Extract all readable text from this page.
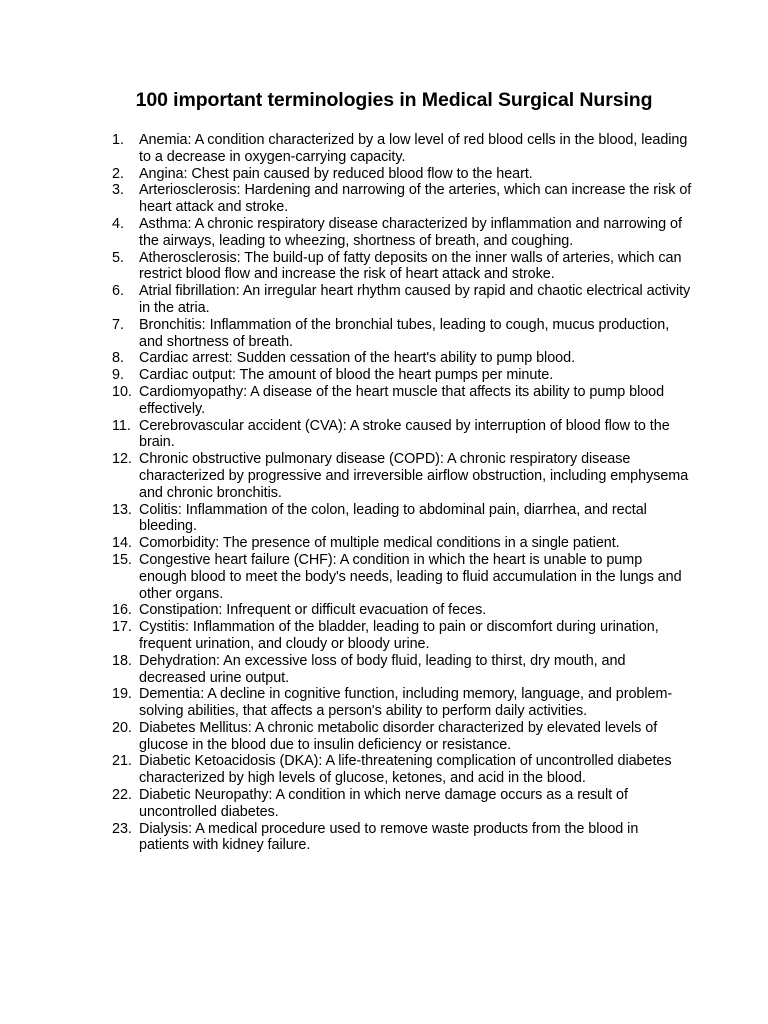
100 important terminologies in Medical Surgical Nursing
1.	Anemia: A condition characterized by a low level of red blood cells in the blood, leading to a decrease in oxygen-carrying capacity.
2.	Angina: Chest pain caused by reduced blood flow to the heart.
3.	Arteriosclerosis: Hardening and narrowing of the arteries, which can increase the risk of heart attack and stroke.
4.	Asthma: A chronic respiratory disease characterized by inflammation and narrowing of the airways, leading to wheezing, shortness of breath, and coughing.
5.	Atherosclerosis: The build-up of fatty deposits on the inner walls of arteries, which can restrict blood flow and increase the risk of heart attack and stroke.
6.	Atrial fibrillation: An irregular heart rhythm caused by rapid and chaotic electrical activity in the atria.
7.	Bronchitis: Inflammation of the bronchial tubes, leading to cough, mucus production, and shortness of breath.
8.	Cardiac arrest: Sudden cessation of the heart's ability to pump blood.
9.	Cardiac output: The amount of blood the heart pumps per minute.
10. Cardiomyopathy: A disease of the heart muscle that affects its ability to pump blood effectively.
11. Cerebrovascular accident (CVA): A stroke caused by interruption of blood flow to the brain.
12. Chronic obstructive pulmonary disease (COPD): A chronic respiratory disease characterized by progressive and irreversible airflow obstruction, including emphysema and chronic bronchitis.
13. Colitis: Inflammation of the colon, leading to abdominal pain, diarrhea, and rectal bleeding.
14. Comorbidity: The presence of multiple medical conditions in a single patient.
15. Congestive heart failure (CHF): A condition in which the heart is unable to pump enough blood to meet the body's needs, leading to fluid accumulation in the lungs and other organs.
16. Constipation: Infrequent or difficult evacuation of feces.
17. Cystitis: Inflammation of the bladder, leading to pain or discomfort during urination, frequent urination, and cloudy or bloody urine.
18. Dehydration: An excessive loss of body fluid, leading to thirst, dry mouth, and decreased urine output.
19. Dementia: A decline in cognitive function, including memory, language, and problem-solving abilities, that affects a person's ability to perform daily activities.
20. Diabetes Mellitus: A chronic metabolic disorder characterized by elevated levels of glucose in the blood due to insulin deficiency or resistance.
21. Diabetic Ketoacidosis (DKA): A life-threatening complication of uncontrolled diabetes characterized by high levels of glucose, ketones, and acid in the blood.
22. Diabetic Neuropathy: A condition in which nerve damage occurs as a result of uncontrolled diabetes.
23. Dialysis: A medical procedure used to remove waste products from the blood in patients with kidney failure.
